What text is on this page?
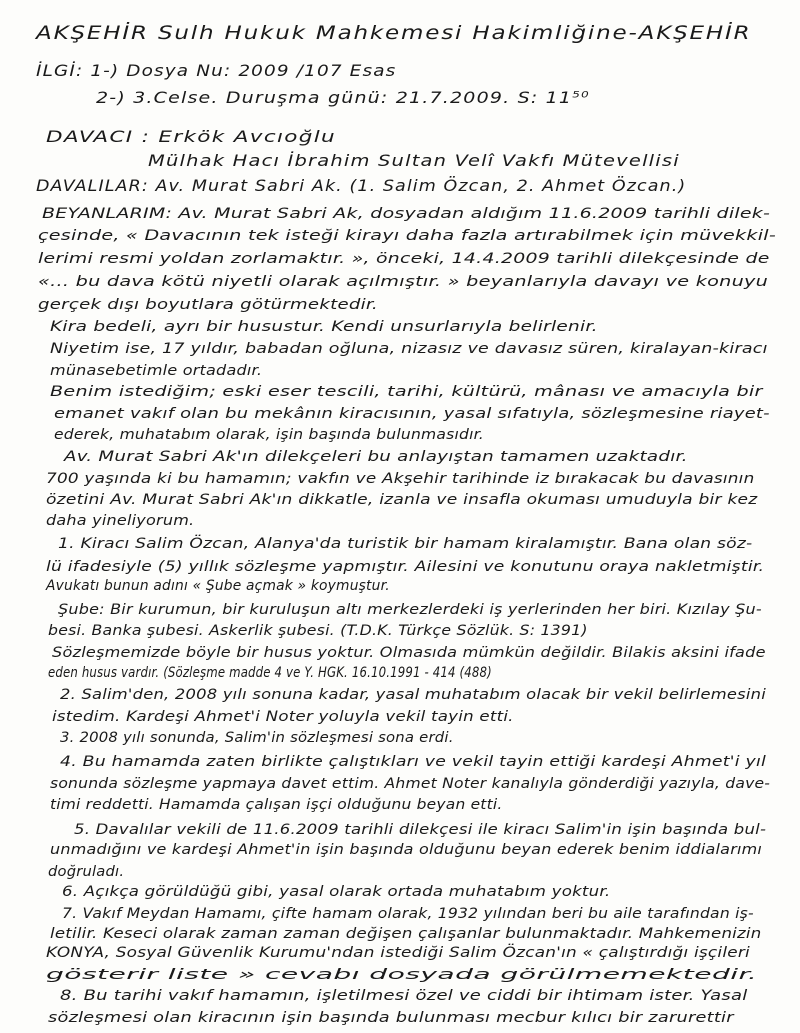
AKŞEHİR Sulh Hukuk Mahkemesi Hakimliğine-AKŞEHİR
İLGİ: 1-) Dosya Nu: 2009 /107 Esas
2-) 3.Celse. Duruşma günü: 21.7.2009. S: 11⁵⁰
DAVACI : Erkök Avcıoğlu
Mülhak Hacı İbrahim Sultan Velî Vakfı Mütevellisi
DAVALILAR: Av. Murat Sabri Ak. (1. Salim Özcan, 2. Ahmet Özcan.)
BEYANLARIM: Av. Murat Sabri Ak, dosyadan aldığım 11.6.2009 tarihli dilek-
çesinde, « Davacının tek isteği kirayı daha fazla artırabilmek için müvekkil-
lerimi resmi yoldan zorlamaktır. », önceki, 14.4.2009 tarihli dilekçesinde de
«... bu dava kötü niyetli olarak açılmıştır. » beyanlarıyla davayı ve konuyu
gerçek dışı boyutlara götürmektedir.
Kira bedeli, ayrı bir husustur. Kendi unsurlarıyla belirlenir.
Niyetim ise, 17 yıldır, babadan oğluna, nizasız ve davasız süren, kiralayan-kiracı
münasebetimle ortadadır.
Benim istediğim; eski eser tescili, tarihi, kültürü, mânası ve amacıyla bir
emanet vakıf olan bu mekânın kiracısının, yasal sıfatıyla, sözleşmesine riayet-
ederek, muhatabım olarak, işin başında bulunmasıdır.
Av. Murat Sabri Ak'ın dilekçeleri bu anlayıştan tamamen uzaktadır.
700 yaşında ki bu hamamın; vakfın ve Akşehir tarihinde iz bırakacak bu davasının
özetini Av. Murat Sabri Ak'ın dikkatle, izanla ve insafla okuması umuduyla bir kez
daha yineliyorum.
1. Kiracı Salim Özcan, Alanya'da turistik bir hamam kiralamıştır. Bana olan söz-
lü ifadesiyle (5) yıllık sözleşme yapmıştır. Ailesini ve konutunu oraya nakletmiştir.
Avukatı bunun adını « Şube açmak » koymuştur.
Şube: Bir kurumun, bir kuruluşun altı merkezlerdeki iş yerlerinden her biri. Kızılay Şu-
besi. Banka şubesi. Askerlik şubesi. (T.D.K. Türkçe Sözlük. S: 1391)
Sözleşmemizde böyle bir husus yoktur. Olmasıda mümkün değildir. Bilakis aksini ifade
eden husus vardır. (Sözleşme madde 4 ve Y. HGK. 16.10.1991 - 414 (488)
2. Salim'den, 2008 yılı sonuna kadar, yasal muhatabım olacak bir vekil belirlemesini
istedim. Kardeşi Ahmet'i Noter yoluyla vekil tayin etti.
3. 2008 yılı sonunda, Salim'in sözleşmesi sona erdi.
4. Bu hamamda zaten birlikte çalıştıkları ve vekil tayin ettiği kardeşi Ahmet'i yıl
sonunda sözleşme yapmaya davet ettim. Ahmet Noter kanalıyla gönderdiği yazıyla, dave-
timi reddetti. Hamamda çalışan işçi olduğunu beyan etti.
5. Davalılar vekili de 11.6.2009 tarihli dilekçesi ile kiracı Salim'in işin başında bul-
unmadığını ve kardeşi Ahmet'in işin başında olduğunu beyan ederek benim iddialarımı
doğruladı.
6. Açıkça görüldüğü gibi, yasal olarak ortada muhatabım yoktur.
7. Vakıf Meydan Hamamı, çifte hamam olarak, 1932 yılından beri bu aile tarafından iş-
letilir. Keseci olarak zaman zaman değişen çalışanlar bulunmaktadır. Mahkemenizin
KONYA, Sosyal Güvenlik Kurumu'ndan istediği Salim Özcan'ın « çalıştırdığı işçileri
gösterir liste » cevabı dosyada görülmemektedir.
8. Bu tarihi vakıf hamamın, işletilmesi özel ve ciddi bir ihtimam ister. Yasal
sözleşmesi olan kiracının işin başında bulunması mecbur kılıcı bir zarurettir
